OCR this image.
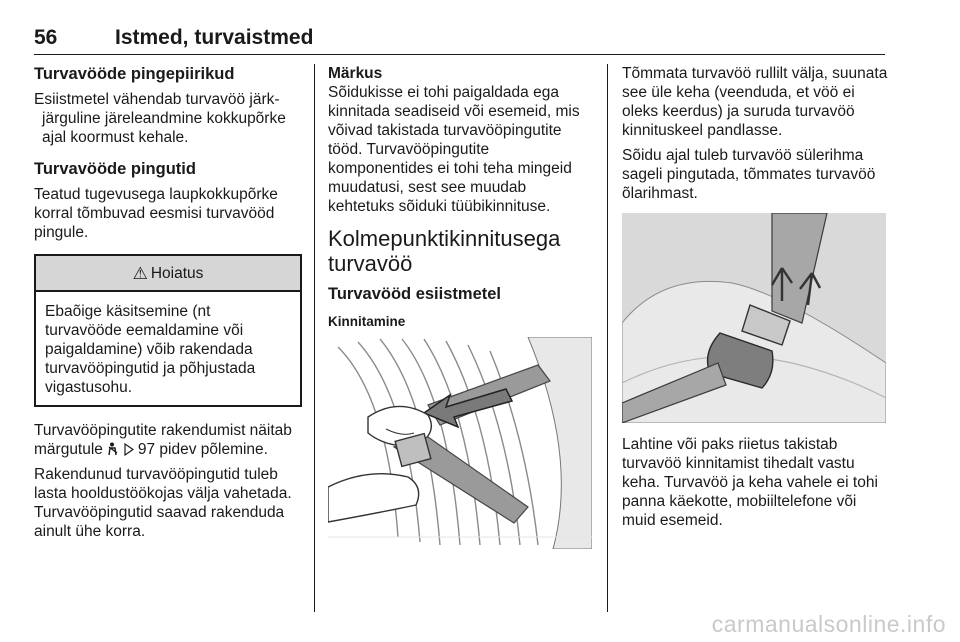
56	Istmed, turvaistmed
Turvavööde pingepiirikud

Esiistmetel vähendab turvavöö järk-järguline järeleandmine kokkupõrke ajal koormust kehale.

Turvavööde pingutid

Teatud tugevusega laupkokkupõrke korral tõmbuvad eesmisi turvavööd pingule.

⚠ Hoiatus
Ebaõige käsitsemine (nt turvavööde eemaldamine või paigaldamine) võib rakendada turvavööpingutid ja põhjustada vigastusohu.

Turvavööpingutite rakendumist näitab märgutule   97 pidev põlemine.

Rakendunud turvavööpingutid tuleb lasta hooldustöökojas välja vahetada. Turvavööpingutid saavad rakenduda ainult ühe korra.

Märkus

Sõidukisse ei tohi paigaldada ega kinnitada seadiseid või esemeid, mis võivad takistada turvavööpingutite tööd. Turvavööpingutite komponentides ei tohi teha mingeid muudatusi, sest see muudab kehtetuks sõiduki tüübikinnituse.

Kolmepunktikinnitusega turvavöö
Turvavööd esiistmetel
Kinnitamine

Tõmmata turvavöö rullilt välja, suunata see üle keha (veenduda, et vöö ei oleks keerdus) ja suruda turvavöö kinnituskeel pandlasse.

Sõidu ajal tuleb turvavöö sülerihma sageli pingutada, tõmmates turvavöö õlarihmast.

Lahtine või paks riietus takistab turvavöö kinnitamist tihedalt vastu keha. Turvavöö ja keha vahele ei tohi panna käekotte, mobiiltelefone või muid esemeid.

carmanualsonline.info
